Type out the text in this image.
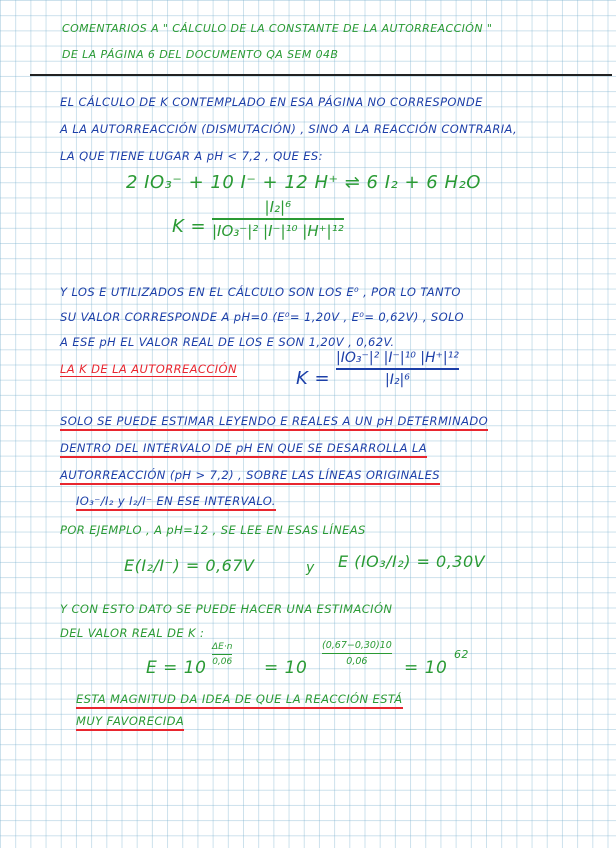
COMENTARIOS A " CÁLCULO DE LA CONSTANTE DE LA AUTORREACCIÓN "
DE LA PÁGINA 6 DEL DOCUMENTO QA SEM 04B
EL CÁLCULO DE K CONTEMPLADO EN ESA PÁGINA NO CORRESPONDE
A LA AUTORREACCIÓN (DISMUTACIÓN) , SINO A LA REACCIÓN CONTRARIA,
LA QUE TIENE LUGAR A pH < 7,2 , QUE ES:
2 IO₃⁻ + 10 I⁻ + 12 H⁺ ⇌ 6 I₂ + 6 H₂O
K =
|I₂|⁶
|IO₃⁻|² |I⁻|¹⁰ |H⁺|¹²
Y LOS E UTILIZADOS EN EL CÁLCULO SON LOS E⁰ , POR LO TANTO
SU VALOR CORRESPONDE A pH=0 (E⁰= 1,20V , E⁰= 0,62V) , SOLO
A ESE pH EL VALOR REAL DE LOS E SON 1,20V , 0,62V.
LA K DE LA AUTORREACCIÓN	K =
|IO₃⁻|² |I⁻|¹⁰ |H⁺|¹²
|I₂|⁶
SOLO SE PUEDE ESTIMAR LEYENDO E REALES A UN pH DETERMINADO
DENTRO DEL INTERVALO DE pH EN QUE SE DESARROLLA LA
AUTORREACCIÓN (pH > 7,2) , SOBRE LAS LÍNEAS ORIGINALES
IO₃⁻/I₂ y I₂/I⁻ EN ESE INTERVALO.
POR EJEMPLO , A pH=12 , SE LEE EN ESAS LÍNEAS
E(I₂/I⁻) = 0,67V	y E (IO₃/I₂) = 0,30V
Y CON ESTO DATO SE PUEDE HACER UNA ESTIMACIÓN
DEL VALOR REAL DE K :
E = 10
ΔE·n
0,06 = 10
(0,67−0,30)10
0,06 = 10
62
ESTA MAGNITUD DA IDEA DE QUE LA REACCIÓN ESTÁ
MUY FAVORECIDA
